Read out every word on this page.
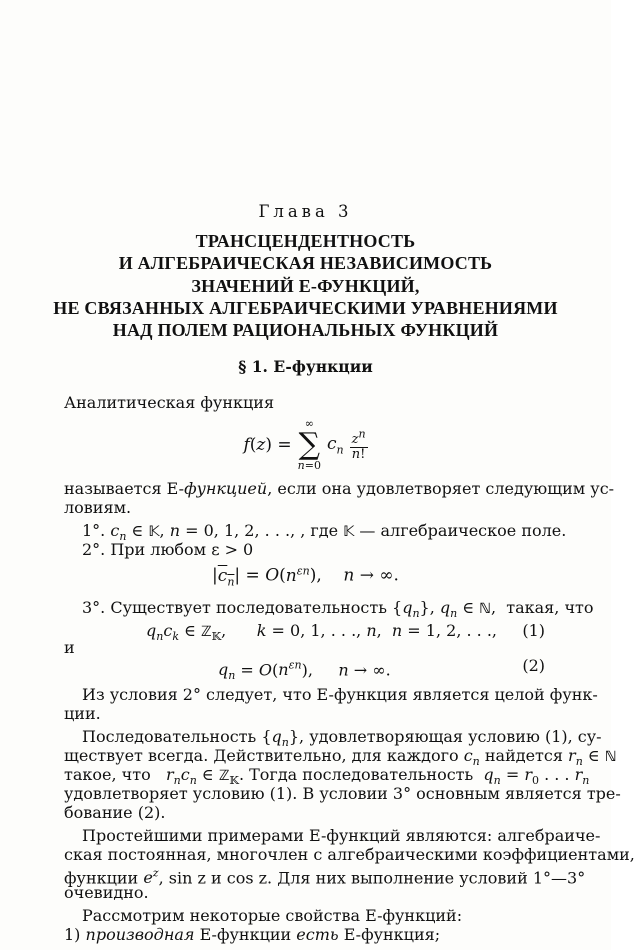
Глава 3
ТРАНСЦЕНДЕНТНОСТЬ
И АЛГЕБРАИЧЕСКАЯ НЕЗАВИСИМОСТЬ
ЗНАЧЕНИЙ E-ФУНКЦИЙ,
НЕ СВЯЗАННЫХ АЛГЕБРАИЧЕСКИМИ УРАВНЕНИЯМИ
НАД ПОЛЕМ РАЦИОНАЛЬНЫХ ФУНКЦИЙ
§ 1. E-функции
Аналитическая функция
f(z) =
∞
∑
n=0
$c_n \frac{z^n}{n!}$
называется E-функцией, если она удовлетворяет следующим ус-
ловиям.
1°. $c_n$ ∈ 𝕂, n = 0, 1, 2, . . ., , где 𝕂 — алгебраическое поле.
2°. При любом ε > 0
$|c_n| = O(n^{\varepsilon n})$,    n → ∞.
3°. Существует последовательность $\{q_n\}$, $q_n$ ∈ ℕ,  такая, что
$q_nc_k$ ∈ ℤ$_𝕂$,      k = 0, 1, . . ., n,  n = 1, 2, . . ., (1)
и
$q_n = O(n^{\varepsilon n})$,     n → ∞.	(2)
Из условия 2° следует, что E-функция является целой функ-
ции.
Последовательность $\{q_n\}$, удовлетворяющая условию (1), су-
ществует всегда. Действительно, для каждого $c_n$ найдется $r_n$ ∈ ℕ
такое, что $r_nc_n$ ∈ ℤ$_𝕂$. Тогда последовательность $q_n = r_0$ . . . $r_n$
удовлетворяет условию (1). В условии 3° основным является тре-
бование (2).
Простейшими примерами E-функций являются: алгебраиче-
ская постоянная, многочлен с алгебраическими коэффициентами,
функции $e^z$, sin z и cos z. Для них выполнение условий 1°—3°
очевидно.
Рассмотрим некоторые свойства E-функций:
1) производная E-функции есть E-функция;
